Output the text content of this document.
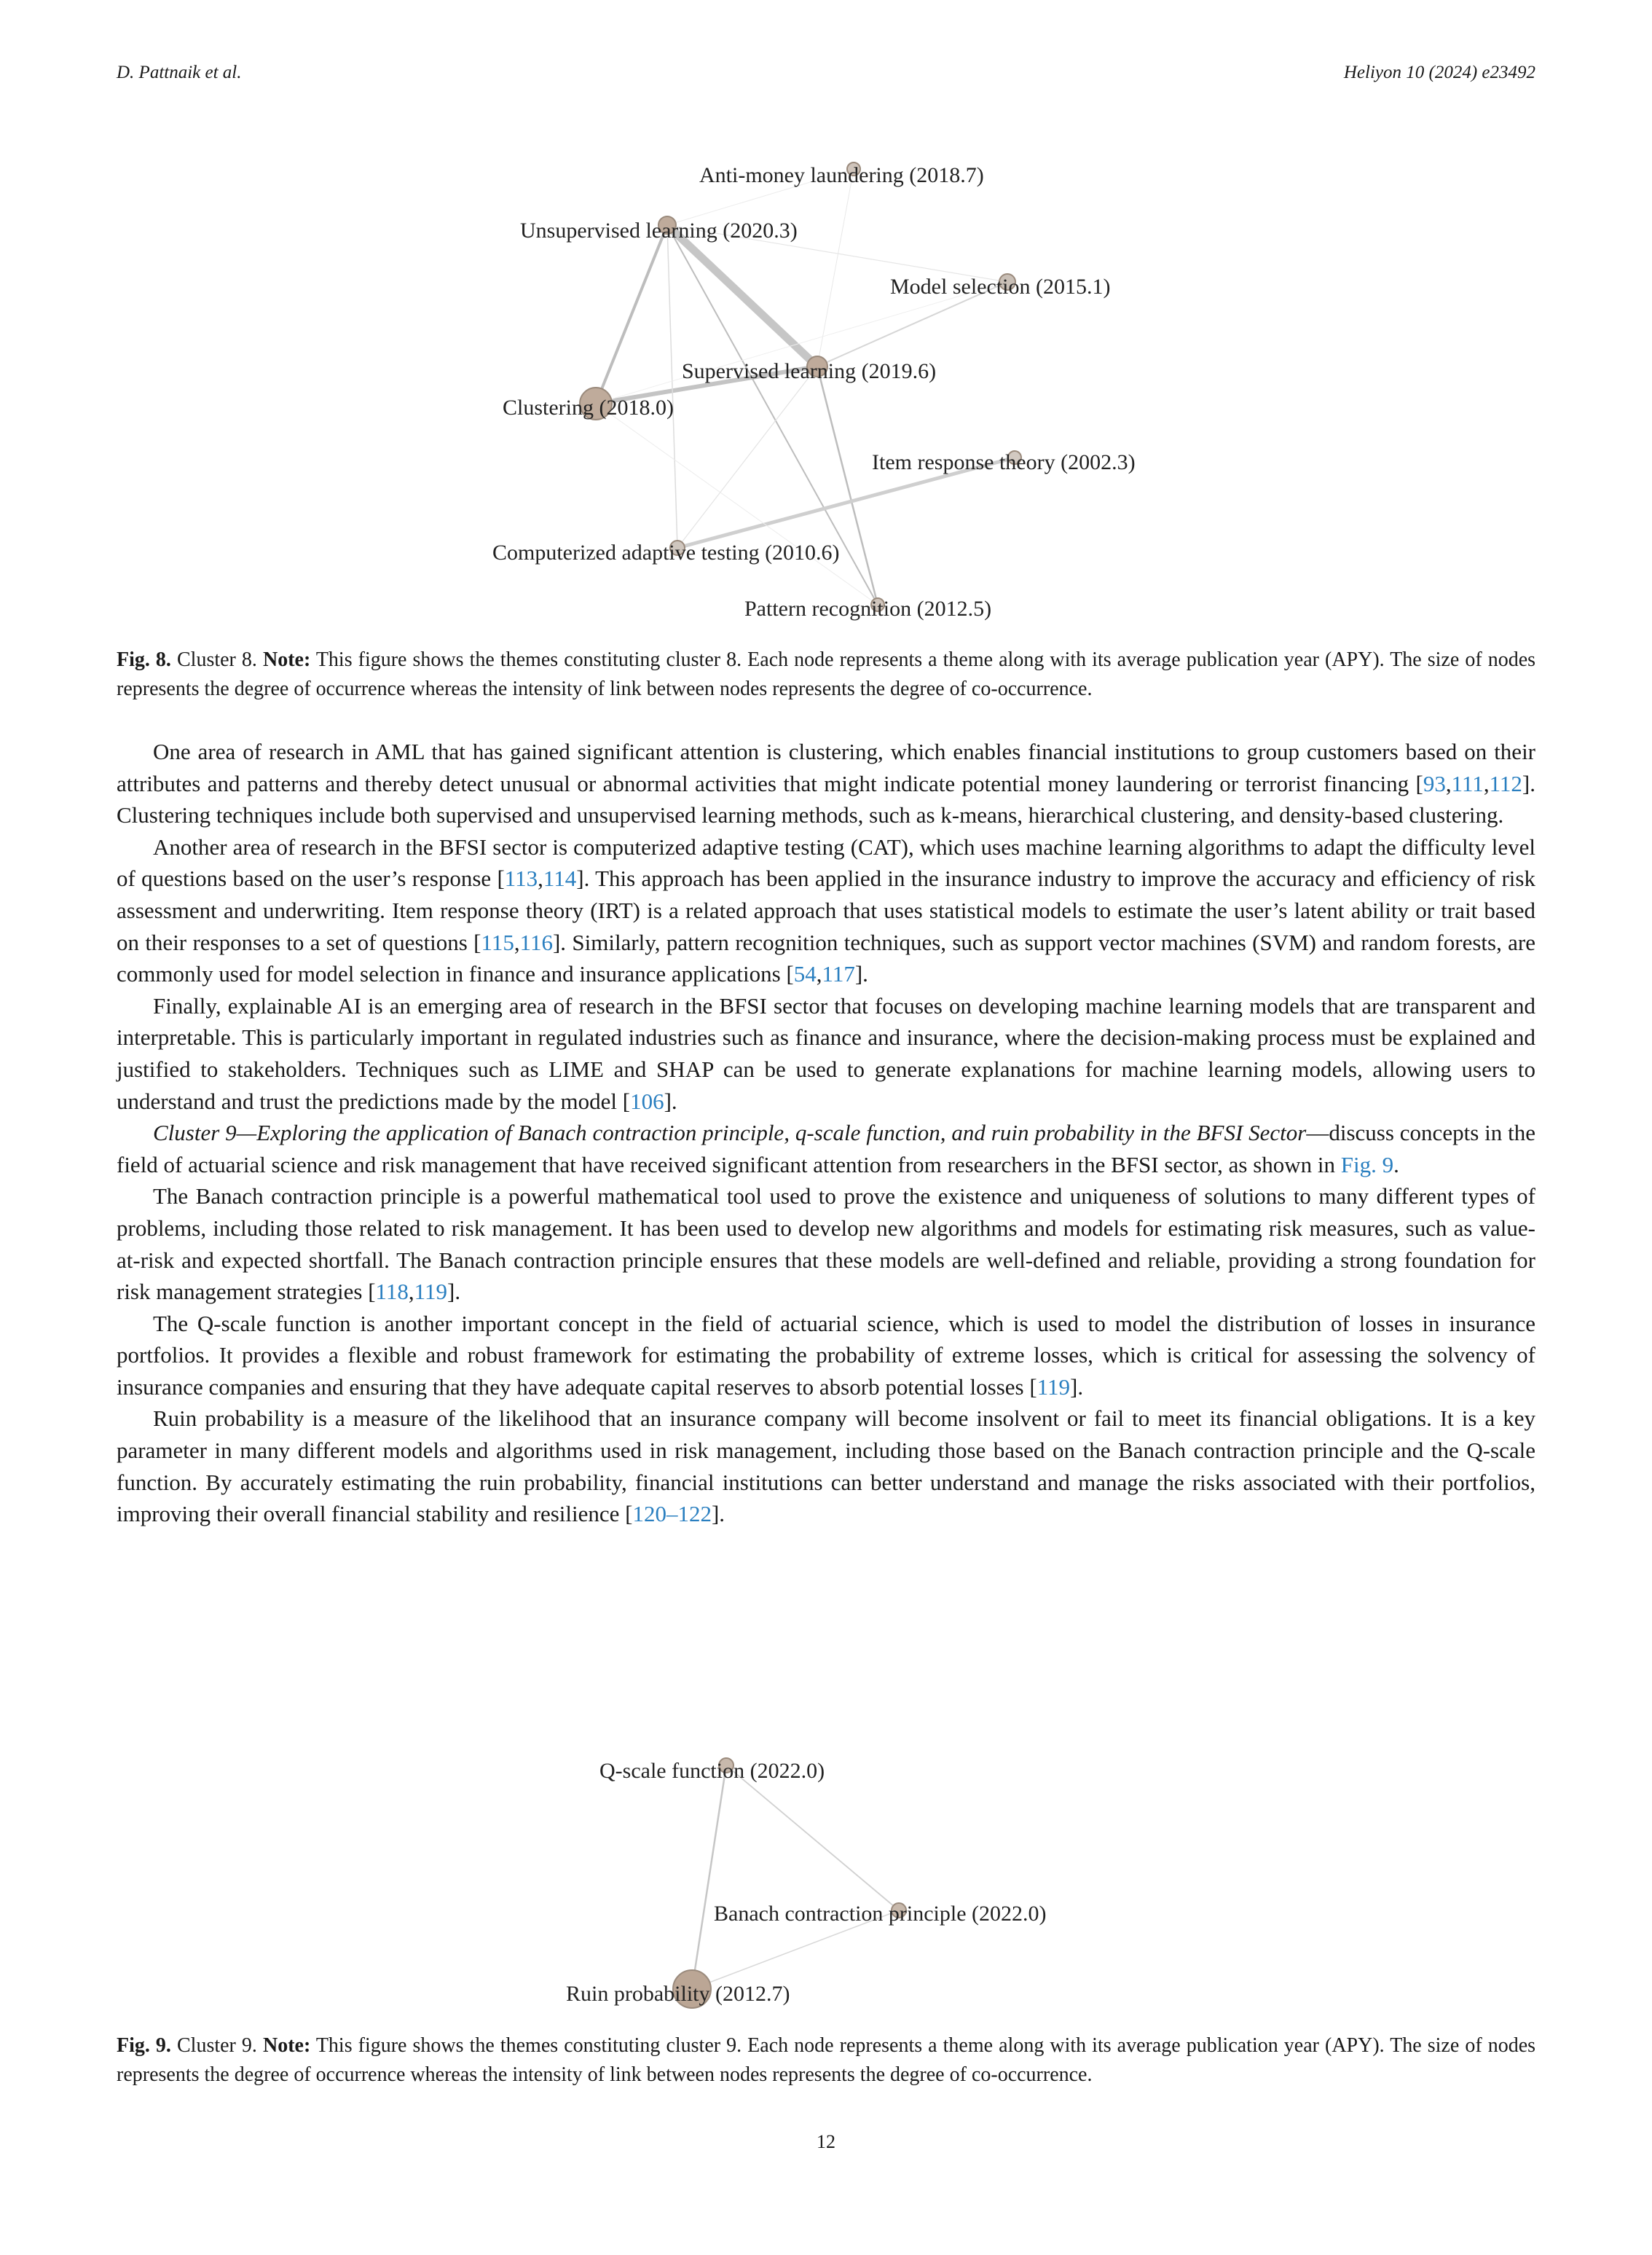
D. Pattnaik et al.	Heliyon 10 (2024) e23492
Anti-money laundering (2018.7)
Unsupervised learning (2020.3)
Model selection (2015.1)
Supervised learning (2019.6)
Clustering (2018.0)
Item response theory (2002.3)
Computerized adaptive testing (2010.6)
Pattern recognition (2012.5)
Fig. 8. Cluster 8. Note: This figure shows the themes constituting cluster 8. Each node represents a theme along with its average publication year (APY). The size of nodes represents the degree of occurrence whereas the intensity of link between nodes represents the degree of co-occurrence.

One area of research in AML that has gained significant attention is clustering, which enables financial institutions to group customers based on their attributes and patterns and thereby detect unusual or abnormal activities that might indicate potential money laundering or terrorist financing [93,111,112]. Clustering techniques include both supervised and unsupervised learning methods, such as k-means, hierarchical clustering, and density-based clustering.

Another area of research in the BFSI sector is computerized adaptive testing (CAT), which uses machine learning algorithms to adapt the difficulty level of questions based on the user’s response [113,114]. This approach has been applied in the insurance industry to improve the accuracy and efficiency of risk assessment and underwriting. Item response theory (IRT) is a related approach that uses statistical models to estimate the user’s latent ability or trait based on their responses to a set of questions [115,116]. Similarly, pattern recognition techniques, such as support vector machines (SVM) and random forests, are commonly used for model selection in finance and insurance applications [54,117].

Finally, explainable AI is an emerging area of research in the BFSI sector that focuses on developing machine learning models that are transparent and interpretable. This is particularly important in regulated industries such as finance and insurance, where the decision-making process must be explained and justified to stakeholders. Techniques such as LIME and SHAP can be used to generate explanations for machine learning models, allowing users to understand and trust the predictions made by the model [106].

Cluster 9—Exploring the application of Banach contraction principle, q-scale function, and ruin probability in the BFSI Sector—discuss concepts in the field of actuarial science and risk management that have received significant attention from researchers in the BFSI sector, as shown in Fig. 9.

The Banach contraction principle is a powerful mathematical tool used to prove the existence and uniqueness of solutions to many different types of problems, including those related to risk management. It has been used to develop new algorithms and models for estimating risk measures, such as value-at-risk and expected shortfall. The Banach contraction principle ensures that these models are well-defined and reliable, providing a strong foundation for risk management strategies [118,119].

The Q-scale function is another important concept in the field of actuarial science, which is used to model the distribution of losses in insurance portfolios. It provides a flexible and robust framework for estimating the probability of extreme losses, which is critical for assessing the solvency of insurance companies and ensuring that they have adequate capital reserves to absorb potential losses [119].

Ruin probability is a measure of the likelihood that an insurance company will become insolvent or fail to meet its financial obligations. It is a key parameter in many different models and algorithms used in risk management, including those based on the Banach contraction principle and the Q-scale function. By accurately estimating the ruin probability, financial institutions can better understand and manage the risks associated with their portfolios, improving their overall financial stability and resilience [120–122].

Q-scale function (2022.0)
Banach contraction principle (2022.0)
Ruin probability (2012.7)
Fig. 9. Cluster 9. Note: This figure shows the themes constituting cluster 9. Each node represents a theme along with its average publication year (APY). The size of nodes represents the degree of occurrence whereas the intensity of link between nodes represents the degree of co-occurrence.
12
